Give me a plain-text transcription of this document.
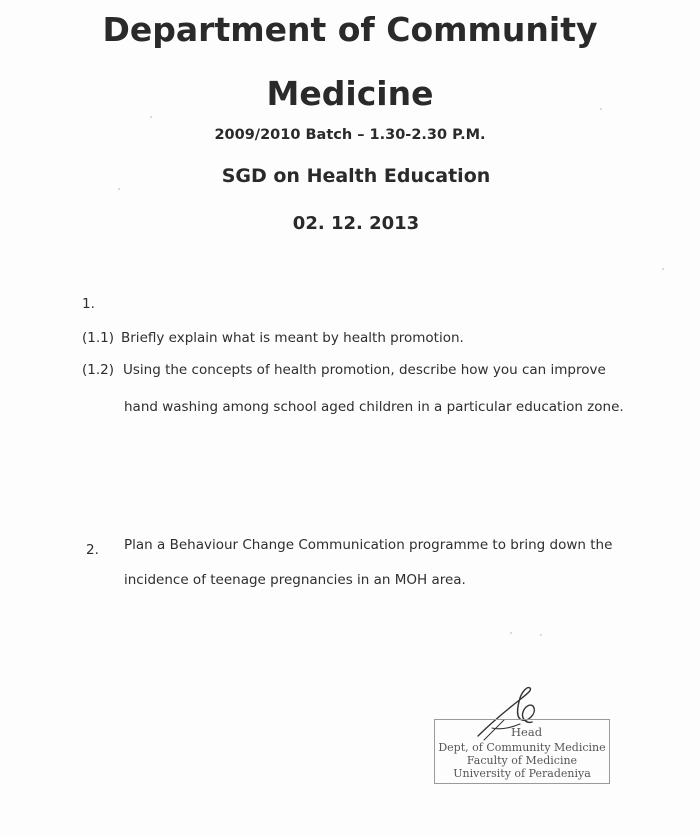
Department of Community
Medicine
2009/2010 Batch – 1.30-2.30 P.M.
SGD on Health Education
02. 12. 2013
1.
(1.1) Briefly explain what is meant by health promotion.
(1.2) Using the concepts of health promotion, describe how you can improve
hand washing among school aged children in a particular education zone.
2. Plan a Behaviour Change Communication programme to bring down the
incidence of teenage pregnancies in an MOH area.
Head
Dept, of Community Medicine
Faculty of Medicine
University of Peradeniya
